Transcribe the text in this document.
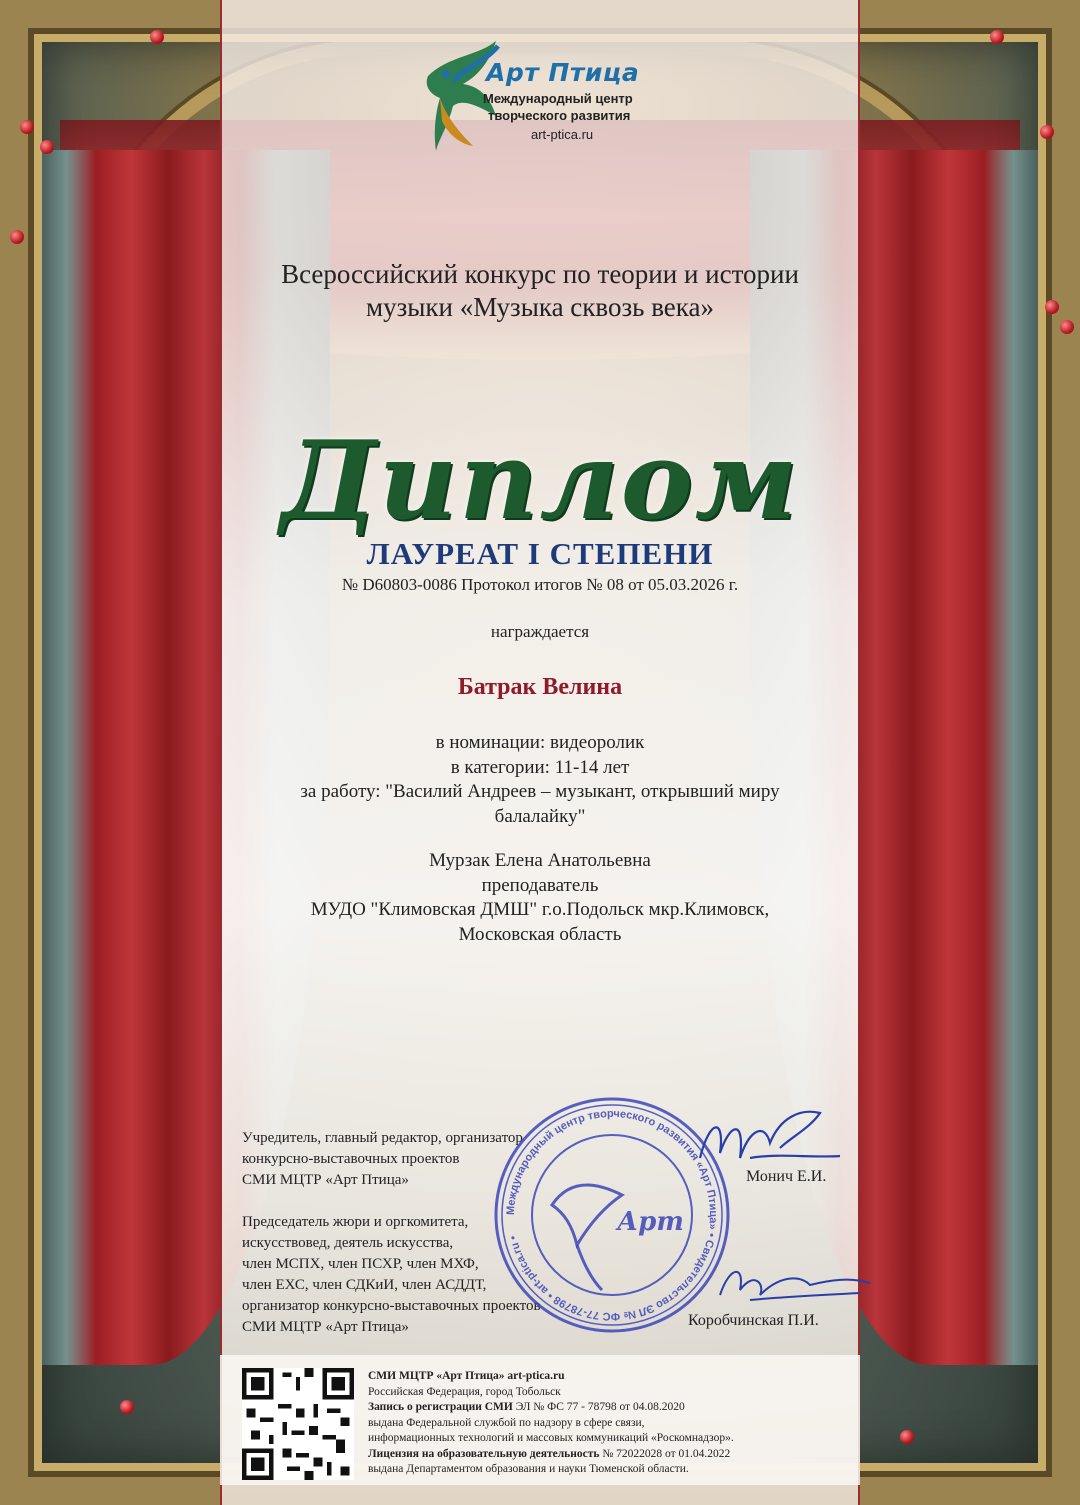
Арт Птица
Международный центр
творческого развития
art-ptica.ru
Всероссийский конкурс по теории и истории
музыки «Музыка сквозь века»
Диплом
ЛАУРЕАТ I СТЕПЕНИ
№ D60803-0086 Протокол итогов № 08 от 05.03.2026 г.
награждается
Батрак Велина
в номинации: видеоролик
в категории: 11-14 лет
за работу: "Василий Андреев – музыкант, открывший миру
балалайку"
Мурзак Елена Анатольевна
преподаватель
МУДО "Климовская ДМШ" г.о.Подольск мкр.Климовск,
Московская область
Учредитель, главный редактор, организатор
конкурсно-выставочных проектов
СМИ МЦТР «Арт Птица»	Монич Е.И.
Председатель жюри и оргкомитета,
искусствовед, деятель искусства,
член МСПХ, член ПСХР, член МХФ,
член ЕХС, член СДКиИ, член АСДДТ,
организатор конкурсно-выставочных проектов
СМИ МЦТР «Арт Птица»	Коробчинская П.И.
Международный центр творческого развития «Арт Птица» • Свидетельство ЭЛ № ФС 77-78798 • art-ptica.ru •
Арт
СМИ МЦТР «Арт Птица» art-ptica.ru
Российская Федерация, город Тобольск
Запись о регистрации СМИ ЭЛ № ФС 77 - 78798 от 04.08.2020
выдана Федеральной службой по надзору в сфере связи,
информационных технологий и массовых коммуникаций «Роскомнадзор».
Лицензия на образовательную деятельность № 72022028 от 01.04.2022
выдана Департаментом образования и науки Тюменской области.
